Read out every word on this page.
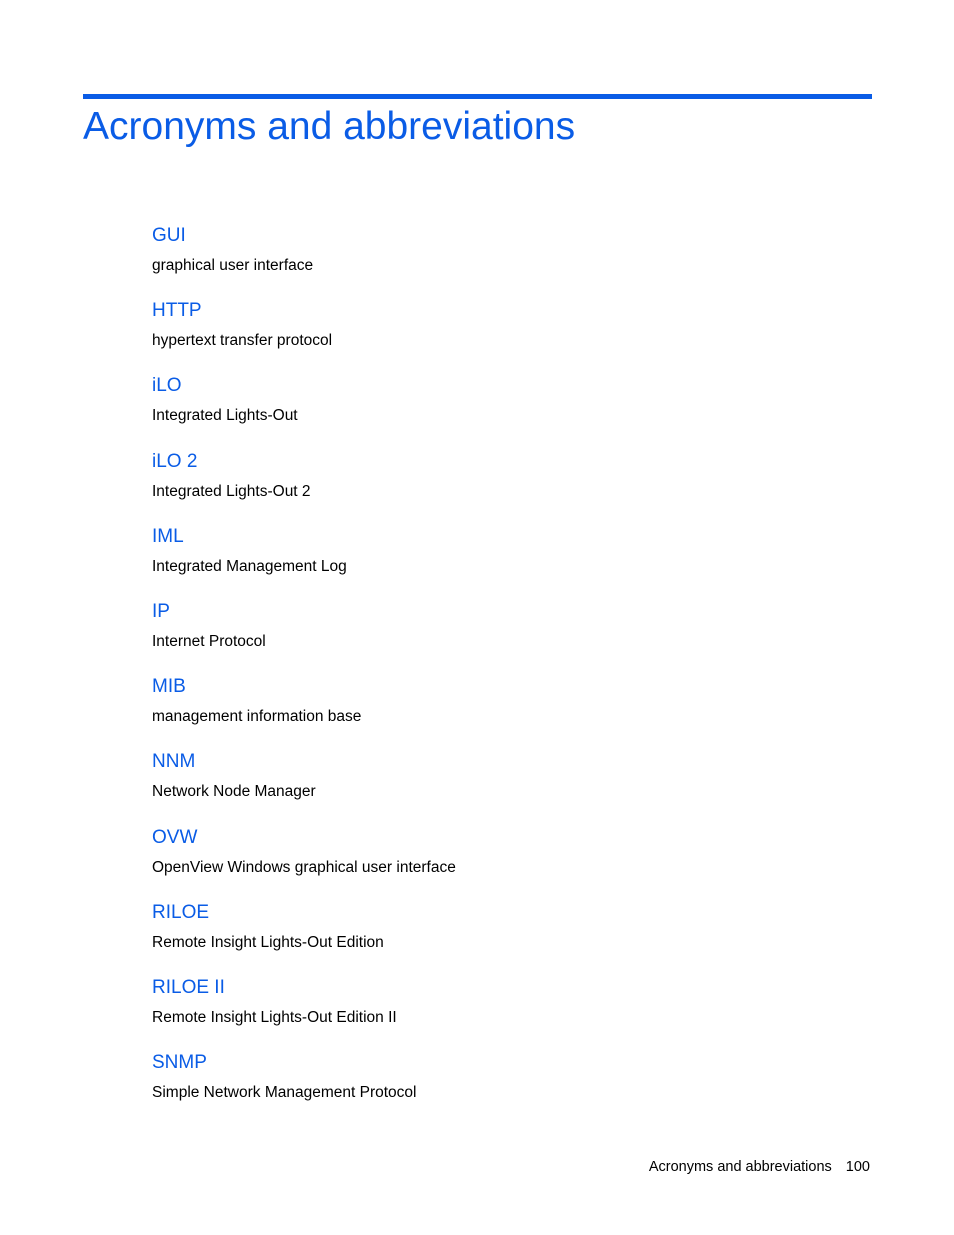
Acronyms and abbreviations
GUI
graphical user interface
HTTP
hypertext transfer protocol
iLO
Integrated Lights-Out
iLO 2
Integrated Lights-Out 2
IML
Integrated Management Log
IP
Internet Protocol
MIB
management information base
NNM
Network Node Manager
OVW
OpenView Windows graphical user interface
RILOE
Remote Insight Lights-Out Edition
RILOE II
Remote Insight Lights-Out Edition II
SNMP
Simple Network Management Protocol
Acronyms and abbreviations 100
